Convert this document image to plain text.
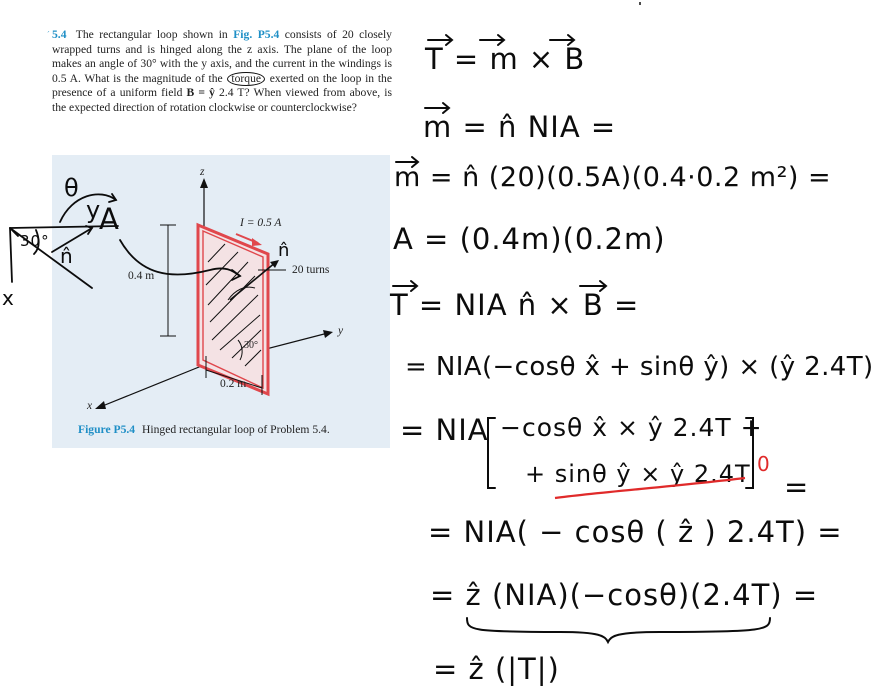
´ 5.4 The rectangular loop shown in Fig. P5.4 consists of 20 closely wrapped turns and is hinged along the z axis. The plane of the loop makes an angle of 30° with the y axis, and the current in the windings is 0.5 A. What is the magnitude of the torque exerted on the loop in the presence of a uniform field B = ŷ 2.4 T? When viewed from above, is the expected direction of rotation clockwise or counterclockwise?
z
y
x
I = 0.5 A
20 turns
0.4 m
0.2 m
30°
n̂
Figure P5.4 Hinged rectangular loop of Problem 5.4.
θ
y
A
30°
n̂
x
T = m × B
m = n̂ NIA =
m = n̂ (20)(0.5A)(0.4·0.2 m²) =
A = (0.4m)(0.2m)
T = NIA n̂ × B =
= NIA(−cosθ x̂ + sinθ ŷ) × (ŷ 2.4T)
= NIA −cosθ x̂ × ŷ 2.4T +
+ sinθ ŷ × ŷ 2.4T 0
=
= NIA( − cosθ ( ẑ ) 2.4T) =
= ẑ (NIA)(−cosθ)(2.4T) =
= ẑ (|T|)
